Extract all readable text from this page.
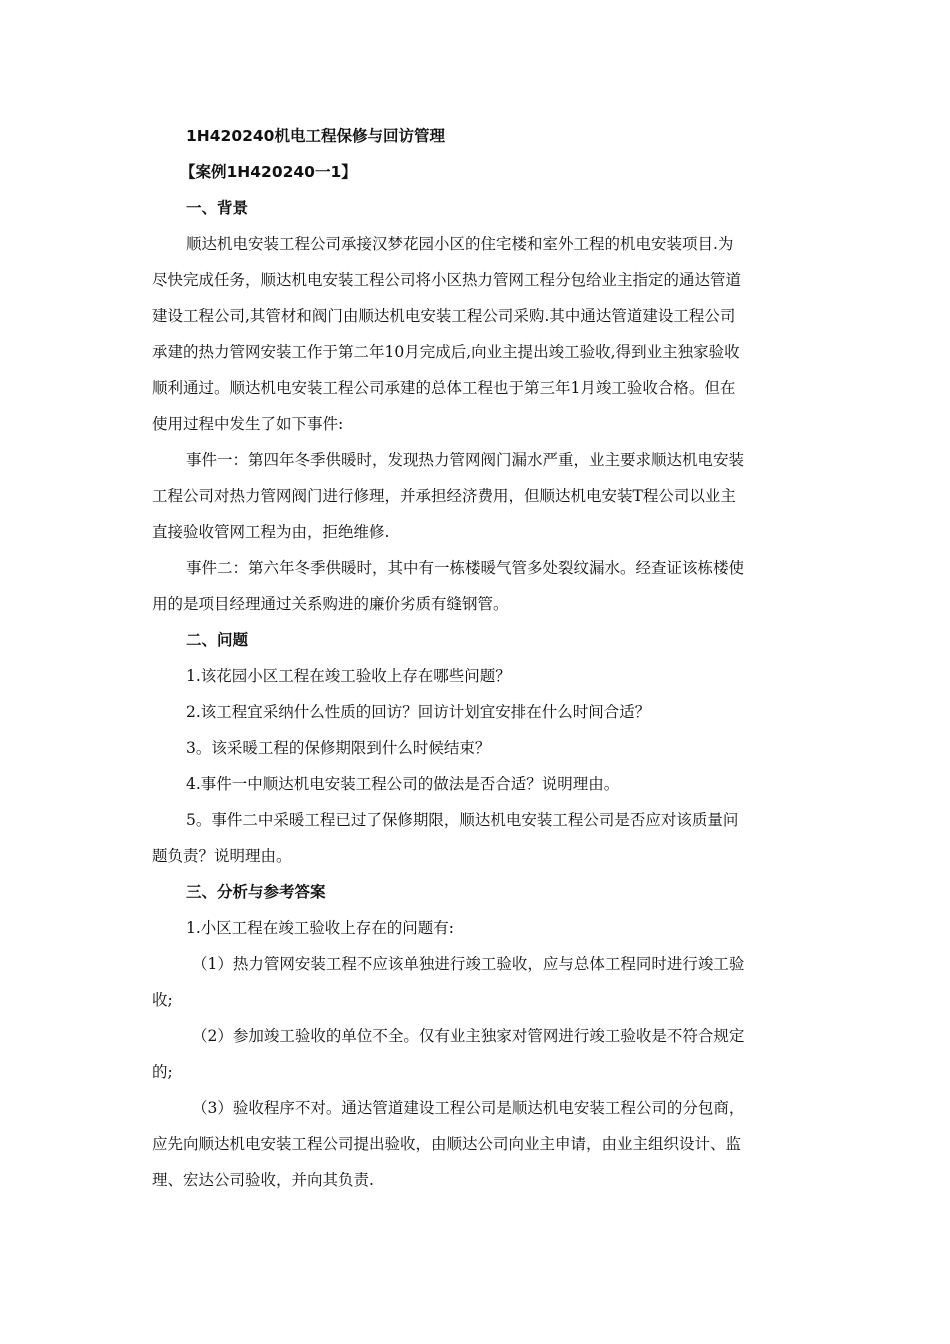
1H420240机电工程保修与回访管理
【案例1H420240一1】
一、背景
顺达机电安装工程公司承接汉梦花园小区的住宅楼和室外工程的机电安装项目.为
尽快完成任务，顺达机电安装工程公司将小区热力管网工程分包给业主指定的通达管道
建设工程公司,其管材和阀门由顺达机电安装工程公司采购.其中通达管道建设工程公司
承建的热力管网安装工作于第二年10月完成后,向业主提出竣工验收,得到业主独家验收
顺利通过。顺达机电安装工程公司承建的总体工程也于第三年1月竣工验收合格。但在
使用过程中发生了如下事件:
事件一：第四年冬季供暖时，发现热力管网阀门漏水严重，业主要求顺达机电安装
工程公司对热力管网阀门进行修理，并承担经济费用，但顺达机电安装T程公司以业主
直接验收管网工程为由，拒绝维修.
事件二：第六年冬季供暖时，其中有一栋楼暖气管多处裂纹漏水。经查证该栋楼使
用的是项目经理通过关系购进的廉价劣质有缝钢管。
二、问题
1.该花园小区工程在竣工验收上存在哪些问题？
2.该工程宜采纳什么性质的回访？回访计划宜安排在什么时间合适？
3。该采暖工程的保修期限到什么时候结束？
4.事件一中顺达机电安装工程公司的做法是否合适？说明理由。
5。事件二中采暖工程已过了保修期限，顺达机电安装工程公司是否应对该质量问
题负责？说明理由。
三、分析与参考答案
1.小区工程在竣工验收上存在的问题有:
（1）热力管网安装工程不应该单独进行竣工验收，应与总体工程同时进行竣工验
收;
（2）参加竣工验收的单位不全。仅有业主独家对管网进行竣工验收是不符合规定
的;
（3）验收程序不对。通达管道建设工程公司是顺达机电安装工程公司的分包商，
应先向顺达机电安装工程公司提出验收，由顺达公司向业主申请，由业主组织设计、监
理、宏达公司验收，并向其负责.
